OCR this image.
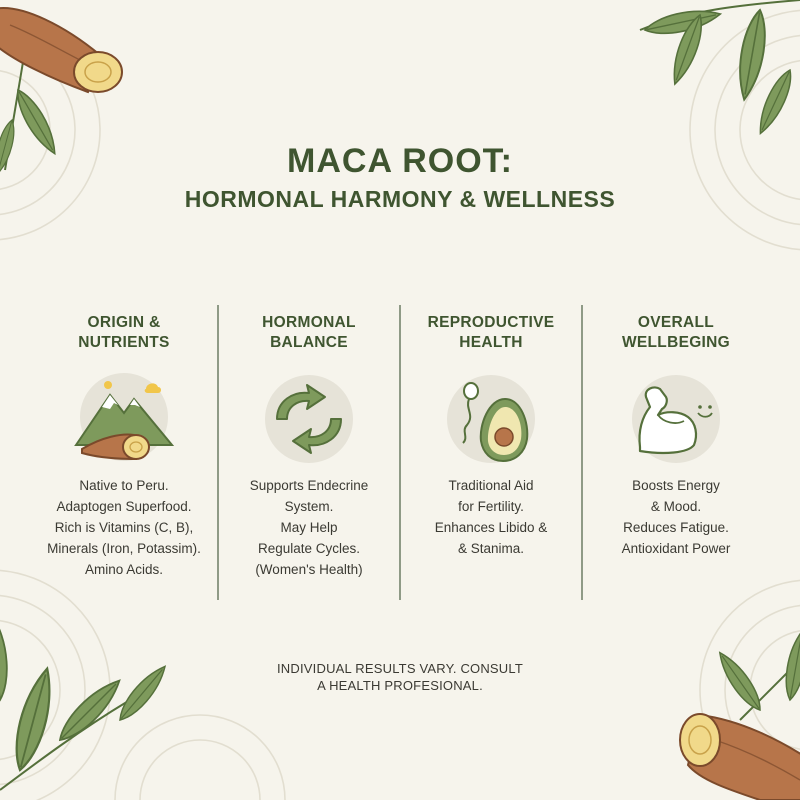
MACA ROOT:
HORMONAL HARMONY & WELLNESS
ORIGIN &
NUTRIENTS
Native to Peru.
Adaptogen Superfood.
Rich is Vitamins (C, B),
Minerals (Iron, Potassim).
Amino Acids.
HORMONAL
BALANCE
Supports Endecrine
System.
May Help
Regulate Cycles.
(Women's Health)
REPRODUCTIVE
HEALTH
Traditional Aid
for Fertility.
Enhances Libido &
& Stanima.
OVERALL
WELLBEGING
Boosts Energy
& Mood.
Reduces Fatigue.
Antioxidant Power
INDIVIDUAL RESULTS VARY. CONSULT
A HEALTH PROFESIONAL.
